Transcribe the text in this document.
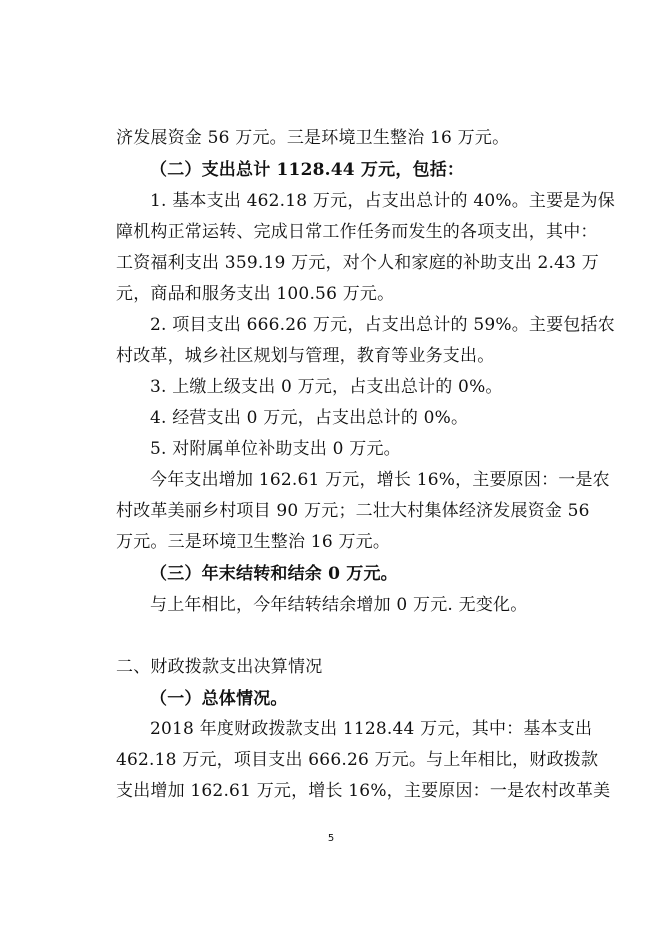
济发展资金 56 万元。三是环境卫生整治 16 万元。
（二）支出总计 1128.44 万元，包括：
1. 基本支出 462.18 万元，占支出总计的 40%。主要是为保
障机构正常运转、完成日常工作任务而发生的各项支出，其中：
工资福利支出 359.19 万元，对个人和家庭的补助支出 2.43 万
元，商品和服务支出 100.56 万元。
2. 项目支出 666.26 万元，占支出总计的 59%。主要包括农
村改革，城乡社区规划与管理，教育等业务支出。
3. 上缴上级支出 0 万元，占支出总计的 0%。
4. 经营支出 0 万元，占支出总计的 0%。
5. 对附属单位补助支出 0 万元。
今年支出增加 162.61 万元，增长 16%，主要原因：一是农
村改革美丽乡村项目 90 万元；二壮大村集体经济发展资金 56
万元。三是环境卫生整治 16 万元。
（三）年末结转和结余 0 万元。
与上年相比，今年结转结余增加 0 万元. 无变化。
二、财政拨款支出决算情况
（一）总体情况。
2018 年度财政拨款支出 1128.44 万元，其中：基本支出
462.18 万元，项目支出 666.26 万元。与上年相比，财政拨款
支出增加 162.61 万元，增长 16%，主要原因：一是农村改革美
5
